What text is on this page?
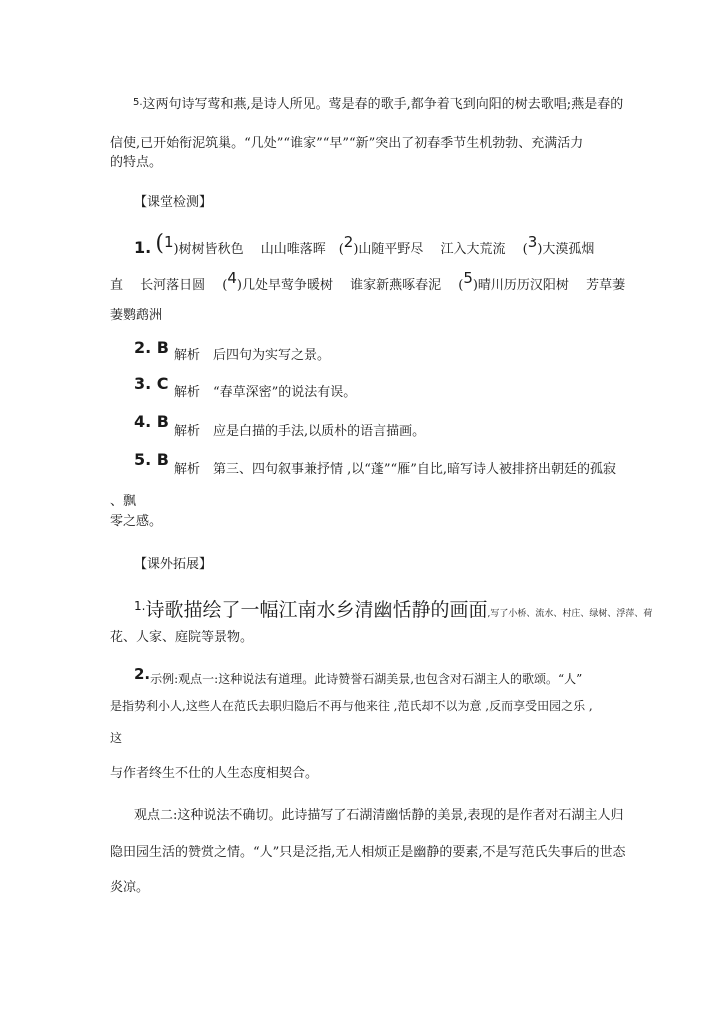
$^{5.}$这两句诗写莺和燕,是诗人所见。莺是春的歌手,都争着飞到向阳的树去歌唱;燕是春的
信使,已开始衔泥筑巢。“几处”“谁家”“早”“新”突出了初春季节生机勃勃、充满活力
的特点。
【课堂检测】
1. (1)树树皆秋色　 山山唯落晖　(2)山随平野尽　 江入大荒流　 (3)大漠孤烟
直　 长河落日圆　 (4)几处早莺争暖树　 谁家新燕啄春泥　 (5)晴川历历汉阳树　 芳草萋
萋鹦鹉洲
2. B 解析　后四句为实写之景。
3. C 解析　“春草深密”的说法有误。
4. B
解析　应是白描的手法,以质朴的语言描画。
5. B
解析　第三、四句叙事兼抒情 ,以“蓬”“雁”自比,暗写诗人被排挤出朝廷的孤寂
、飘
零之感。
【课外拓展】
1.诗歌描绘了一幅江南水乡清幽恬静的画面,写了小桥、流水、村庄、绿树、浮萍、荷
花、人家、庭院等景物。
2.示例:观点一:这种说法有道理。此诗赞誉石湖美景,也包含对石湖主人的歌颂。“人”
是指势利小人,这些人在范氏去职归隐后不再与他来往 ,范氏却不以为意 ,反而享受田园之乐 ,
这
与作者终生不仕的人生态度相契合。
观点二:这种说法不确切。此诗描写了石湖清幽恬静的美景,表现的是作者对石湖主人归
隐田园生活的赞赏之情。“人”只是泛指,无人相烦正是幽静的要素,不是写范氏失事后的世态
炎凉。
